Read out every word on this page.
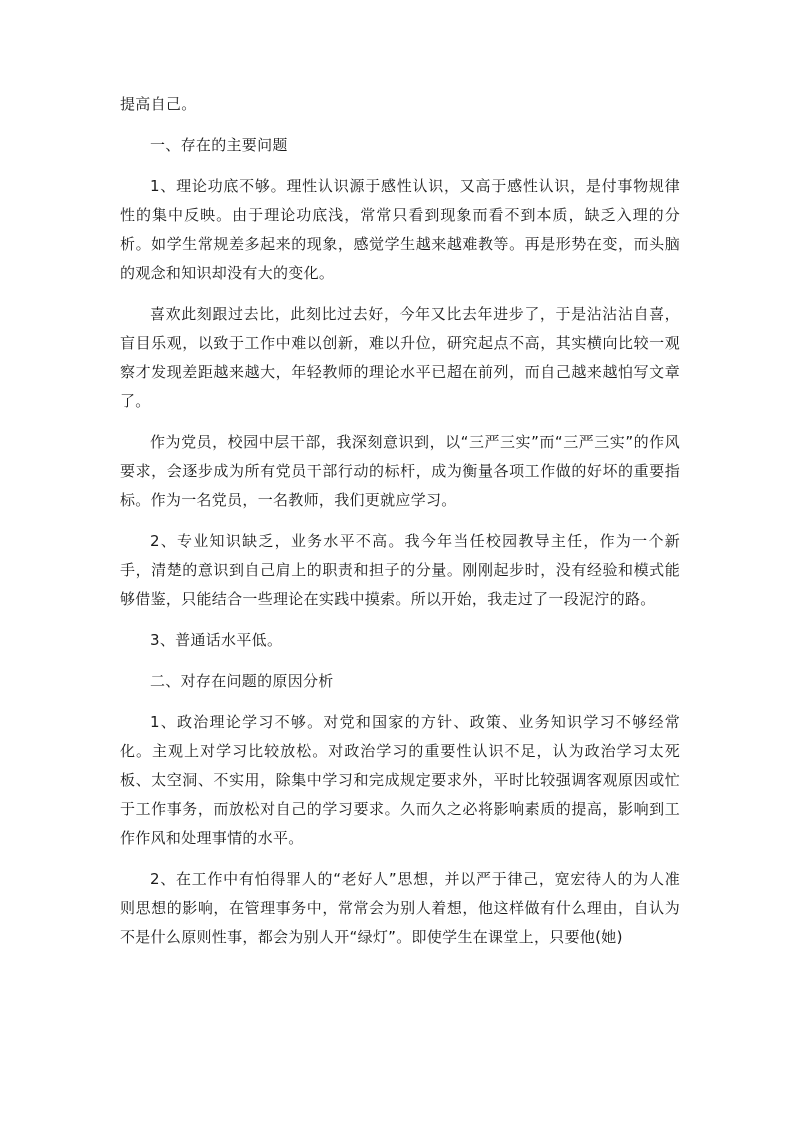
提高自己。

一、存在的主要问题

1、理论功底不够。理性认识源于感性认识，又高于感性认识，是付事物规律性的集中反映。由于理论功底浅，常常只看到现象而看不到本质，缺乏入理的分析。如学生常规差多起来的现象，感觉学生越来越难教等。再是形势在变，而头脑的观念和知识却没有大的变化。

喜欢此刻跟过去比，此刻比过去好，今年又比去年进步了，于是沾沾沾自喜，盲目乐观，以致于工作中难以创新，难以升位，研究起点不高，其实横向比较一观察才发现差距越来越大，年轻教师的理论水平已超在前列，而自己越来越怕写文章了。

作为党员，校园中层干部，我深刻意识到，以“三严三实”而“三严三实”的作风要求，会逐步成为所有党员干部行动的标杆，成为衡量各项工作做的好坏的重要指标。作为一名党员，一名教师，我们更就应学习。

2、专业知识缺乏，业务水平不高。我今年当任校园教导主任，作为一个新手，清楚的意识到自己肩上的职责和担子的分量。刚刚起步时，没有经验和模式能够借鉴，只能结合一些理论在实践中摸索。所以开始，我走过了一段泥泞的路。

3、普通话水平低。

二、对存在问题的原因分析

1、政治理论学习不够。对党和国家的方针、政策、业务知识学习不够经常化。主观上对学习比较放松。对政治学习的重要性认识不足，认为政治学习太死板、太空洞、不实用，除集中学习和完成规定要求外，平时比较强调客观原因或忙于工作事务，而放松对自己的学习要求。久而久之必将影响素质的提高，影响到工作作风和处理事情的水平。

2、在工作中有怕得罪人的“老好人”思想，并以严于律己，宽宏待人的为人准则思想的影响，在管理事务中，常常会为别人着想，他这样做有什么理由，自认为不是什么原则性事，都会为别人开“绿灯”。即使学生在课堂上，只要他(她)
